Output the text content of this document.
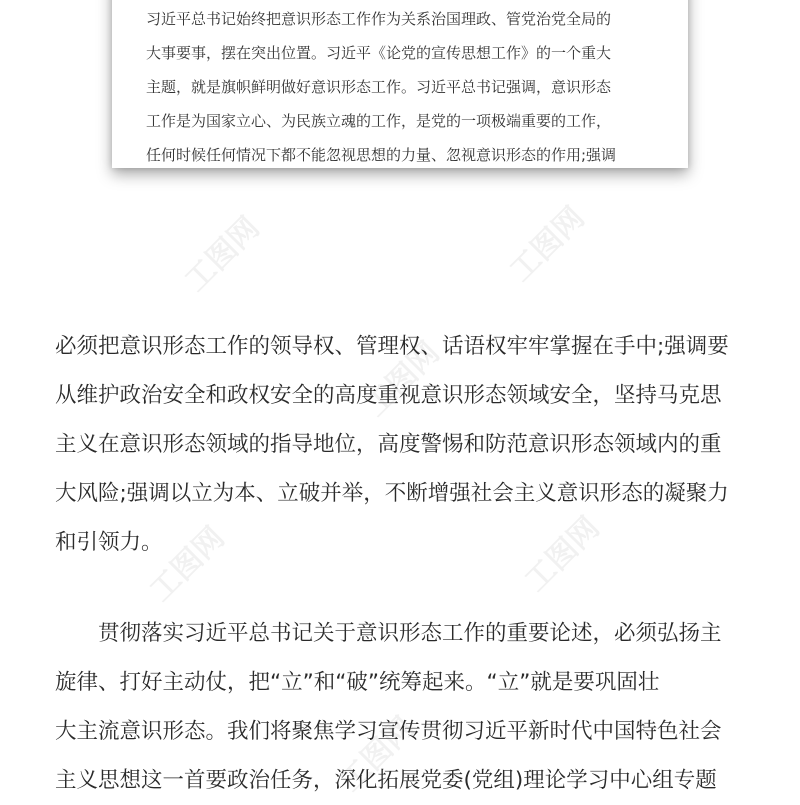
工图网	工图网
工图网
工图网	工图网
工图网
习近平总书记始终把意识形态工作作为关系治国理政、管党治党全局的
大事要事，摆在突出位置。习近平《论党的宣传思想工作》的一个重大
主题，就是旗帜鲜明做好意识形态工作。习近平总书记强调，意识形态
工作是为国家立心、为民族立魂的工作，是党的一项极端重要的工作，
任何时候任何情况下都不能忽视思想的力量、忽视意识形态的作用;强调
必须把意识形态工作的领导权、管理权、话语权牢牢掌握在手中;强调要
从维护政治安全和政权安全的高度重视意识形态领域安全，坚持马克思
主义在意识形态领域的指导地位，高度警惕和防范意识形态领域内的重
大风险;强调以立为本、立破并举，不断增强社会主义意识形态的凝聚力
和引领力。
贯彻落实习近平总书记关于意识形态工作的重要论述，必须弘扬主
旋律、打好主动仗，把“立”和“破”统筹起来。“立”就是要巩固壮
大主流意识形态。我们将聚焦学习宣传贯彻习近平新时代中国特色社会
主义思想这一首要政治任务，深化拓展党委(党组)理论学习中心组专题
